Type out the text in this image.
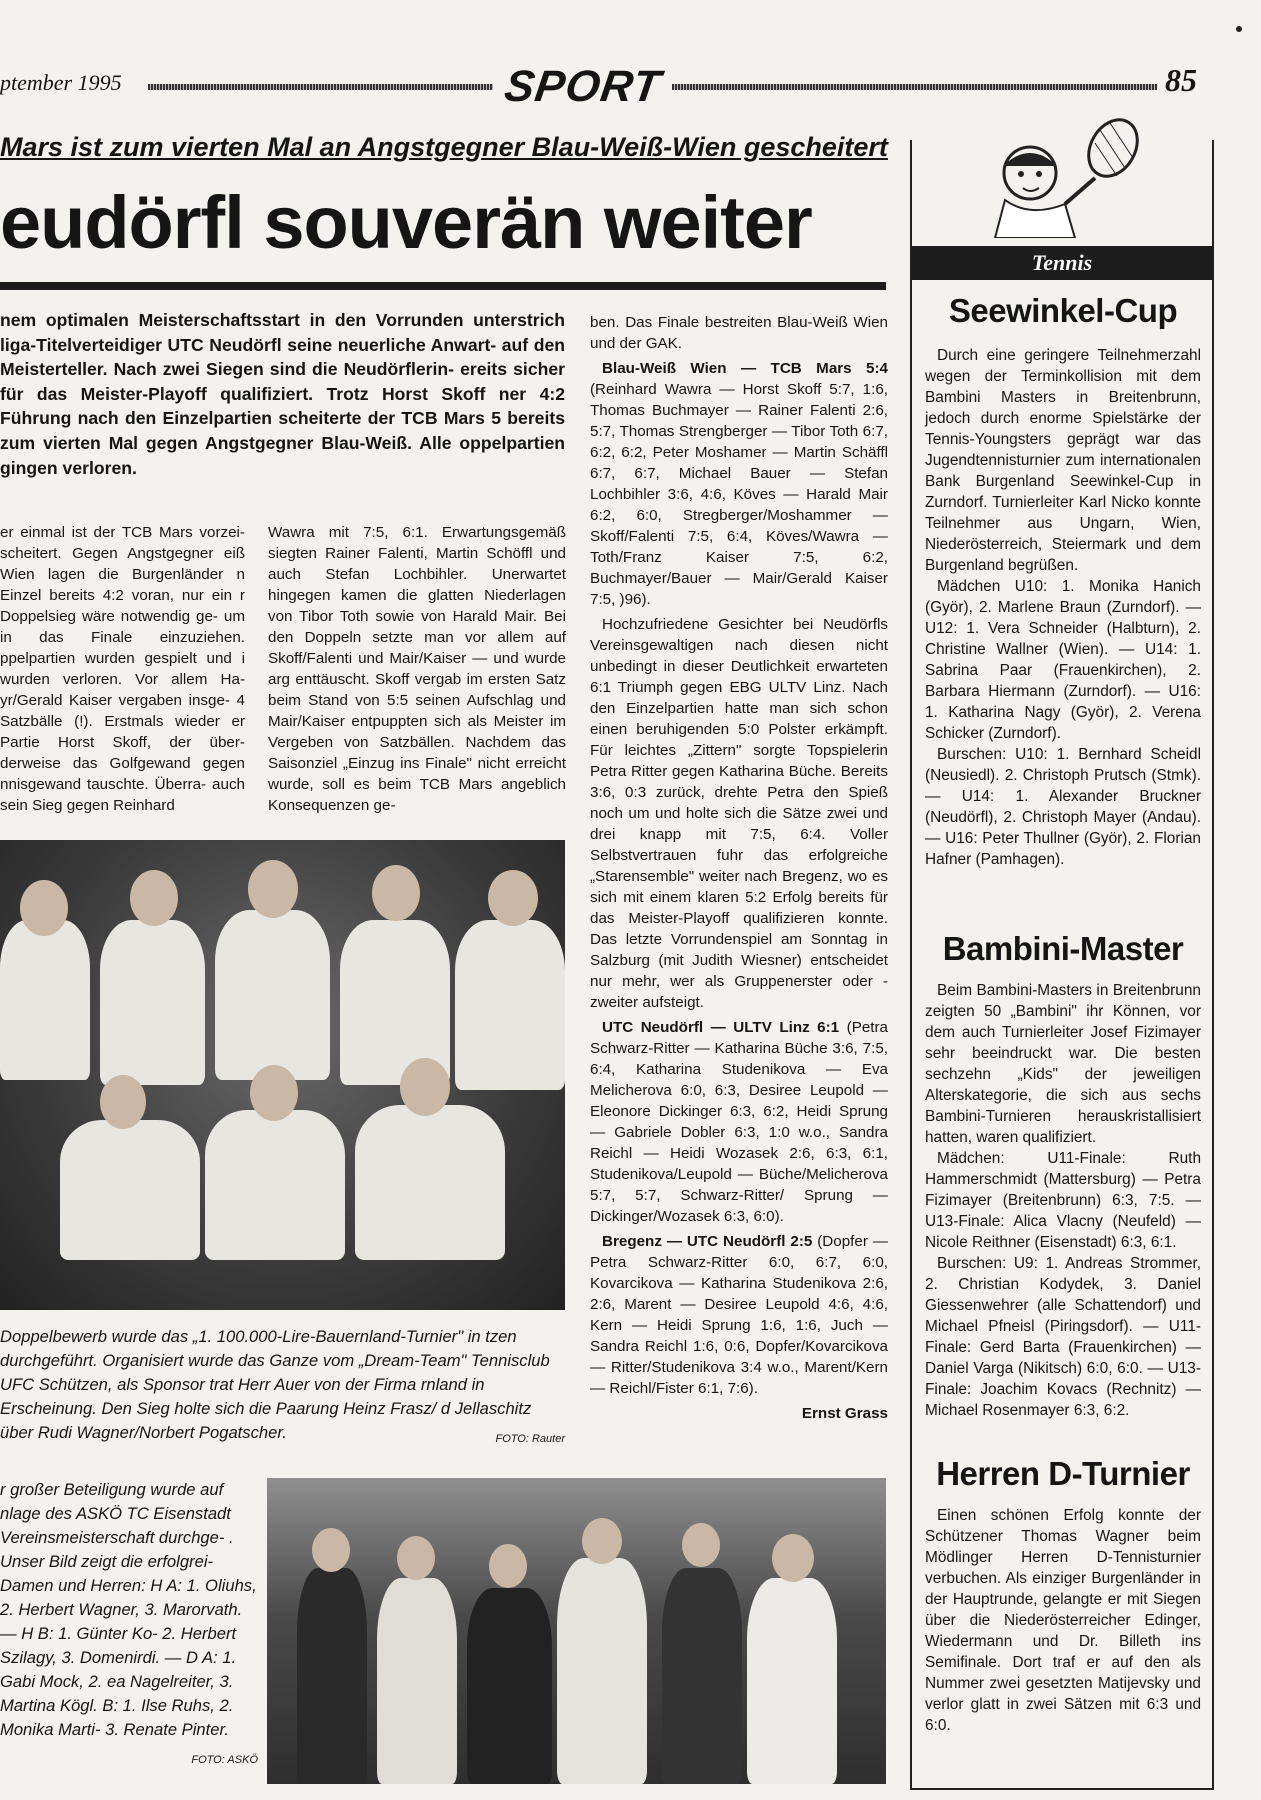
ptember 1995	SPORT	85
Mars ist zum vierten Mal an Angstgegner Blau-Weiß-Wien gescheitert
eudörfl souverän weiter
nem optimalen Meisterschaftsstart in den Vorrunden unterstrich liga-Titelverteidiger UTC Neudörfl seine neuerliche Anwart- auf den Meisterteller. Nach zwei Siegen sind die Neudörflerin- ereits sicher für das Meister-Playoff qualifiziert. Trotz Horst Skoff ner 4:2 Führung nach den Einzelpartien scheiterte der TCB Mars 5 bereits zum vierten Mal gegen Angstgegner Blau-Weiß. Alle oppelpartien gingen verloren.

er einmal ist der TCB Mars vorzei- scheitert. Gegen Angstgegner eiß Wien lagen die Burgenländer n Einzel bereits 4:2 voran, nur ein r Doppelsieg wäre notwendig ge- um in das Finale einzuziehen. ppelpartien wurden gespielt und i wurden verloren. Vor allem Ha- yr/Gerald Kaiser vergaben insge- 4 Satzbälle (!). Erstmals wieder er Partie Horst Skoff, der über- derweise das Golfgewand gegen nnisgewand tauschte. Überra- auch sein Sieg gegen Reinhard

Wawra mit 7:5, 6:1. Erwartungsgemäß siegten Rainer Falenti, Martin Schöffl und auch Stefan Lochbihler. Unerwartet hingegen kamen die glatten Niederlagen von Tibor Toth sowie von Harald Mair. Bei den Doppeln setzte man vor allem auf Skoff/Falenti und Mair/Kaiser — und wurde arg enttäuscht. Skoff vergab im ersten Satz beim Stand von 5:5 seinen Aufschlag und Mair/Kaiser entpuppten sich als Meister im Vergeben von Satzbällen. Nachdem das Saisonziel „Einzug ins Finale" nicht erreicht wurde, soll es beim TCB Mars angeblich Konsequenzen ge-

ben. Das Finale bestreiten Blau-Weiß Wien und der GAK.

Blau-Weiß Wien — TCB Mars 5:4 (Reinhard Wawra — Horst Skoff 5:7, 1:6, Thomas Buchmayer — Rainer Falenti 2:6, 5:7, Thomas Strengberger — Tibor Toth 6:7, 6:2, 6:2, Peter Moshamer — Martin Schäffl 6:7, 6:7, Michael Bauer — Stefan Lochbihler 3:6, 4:6, Köves — Harald Mair 6:2, 6:0, Stregberger/Moshammer — Skoff/Falenti 7:5, 6:4, Köves/Wawra — Toth/Franz Kaiser 7:5, 6:2, Buchmayer/Bauer — Mair/Gerald Kaiser 7:5, )96).

Hochzufriedene Gesichter bei Neudörfls Vereinsgewaltigen nach diesen nicht unbedingt in dieser Deutlichkeit erwarteten 6:1 Triumph gegen EBG ULTV Linz. Nach den Einzelpartien hatte man sich schon einen beruhigenden 5:0 Polster erkämpft. Für leichtes „Zittern" sorgte Topspielerin Petra Ritter gegen Katharina Büche. Bereits 3:6, 0:3 zurück, drehte Petra den Spieß noch um und holte sich die Sätze zwei und drei knapp mit 7:5, 6:4. Voller Selbstvertrauen fuhr das erfolgreiche „Starensemble" weiter nach Bregenz, wo es sich mit einem klaren 5:2 Erfolg bereits für das Meister-Playoff qualifizieren konnte. Das letzte Vorrundenspiel am Sonntag in Salzburg (mit Judith Wiesner) entscheidet nur mehr, wer als Gruppenerster oder - zweiter aufsteigt.

UTC Neudörfl — ULTV Linz 6:1 (Petra Schwarz-Ritter — Katharina Büche 3:6, 7:5, 6:4, Katharina Studenikova — Eva Melicherova 6:0, 6:3, Desiree Leupold — Eleonore Dickinger 6:3, 6:2, Heidi Sprung — Gabriele Dobler 6:3, 1:0 w.o., Sandra Reichl — Heidi Wozasek 2:6, 6:3, 6:1, Studenikova/Leupold — Büche/Melicherova 5:7, 5:7, Schwarz-Ritter/ Sprung — Dickinger/Wozasek 6:3, 6:0).

Bregenz — UTC Neudörfl 2:5 (Dopfer — Petra Schwarz-Ritter 6:0, 6:7, 6:0, Kovarcikova — Katharina Studenikova 2:6, 2:6, Marent — Desiree Leupold 4:6, 4:6, Kern — Heidi Sprung 1:6, 1:6, Juch — Sandra Reichl 1:6, 0:6, Dopfer/Kovarcikova — Ritter/Studenikova 3:4 w.o., Marent/Kern — Reichl/Fister 6:1, 7:6).

Ernst Grass
Doppelbewerb wurde das „1. 100.000-Lire-Bauernland-Turnier" in tzen durchgeführt. Organisiert wurde das Ganze vom „Dream-Team" Tennisclub UFC Schützen, als Sponsor trat Herr Auer von der Firma rnland in Erscheinung. Den Sieg holte sich die Paarung Heinz Frasz/ d Jellaschitz über Rudi Wagner/Norbert Pogatscher.	FOTO: Rauter
r großer Beteiligung wurde auf nlage des ASKÖ TC Eisenstadt Vereinsmeisterschaft durchge- . Unser Bild zeigt die erfolgrei- Damen und Herren: H A: 1. Oliuhs, 2. Herbert Wagner, 3. Marorvath. — H B: 1. Günter Ko- 2. Herbert Szilagy, 3. Domenirdi. — D A: 1. Gabi Mock, 2. ea Nagelreiter, 3. Martina Kögl. B: 1. Ilse Ruhs, 2. Monika Marti- 3. Renate Pinter.
FOTO: ASKÖ
Tennis
Seewinkel-Cup
Durch eine geringere Teilnehmerzahl wegen der Terminkollision mit dem Bambini Masters in Breitenbrunn, jedoch durch enorme Spielstärke der Tennis-Youngsters geprägt war das Jugendtennisturnier zum internationalen Bank Burgenland Seewinkel-Cup in Zurndorf. Turnierleiter Karl Nicko konnte Teilnehmer aus Ungarn, Wien, Niederösterreich, Steiermark und dem Burgenland begrüßen.
Mädchen U10: 1. Monika Hanich (Györ), 2. Marlene Braun (Zurndorf). — U12: 1. Vera Schneider (Halbturn), 2. Christine Wallner (Wien). — U14: 1. Sabrina Paar (Frauenkirchen), 2. Barbara Hiermann (Zurndorf). — U16: 1. Katharina Nagy (Györ), 2. Verena Schicker (Zurndorf).
Burschen: U10: 1. Bernhard Scheidl (Neusiedl). 2. Christoph Prutsch (Stmk). — U14: 1. Alexander Bruckner (Neudörfl), 2. Christoph Mayer (Andau). — U16: Peter Thullner (Györ), 2. Florian Hafner (Pamhagen).
Bambini-Master
Beim Bambini-Masters in Breitenbrunn zeigten 50 „Bambini" ihr Können, vor dem auch Turnierleiter Josef Fizimayer sehr beeindruckt war. Die besten sechzehn „Kids" der jeweiligen Alterskategorie, die sich aus sechs Bambini-Turnieren herauskristallisiert hatten, waren qualifiziert.
Mädchen: U11-Finale: Ruth Hammerschmidt (Mattersburg) — Petra Fizimayer (Breitenbrunn) 6:3, 7:5. — U13-Finale: Alica Vlacny (Neufeld) — Nicole Reithner (Eisenstadt) 6:3, 6:1.
Burschen: U9: 1. Andreas Strommer, 2. Christian Kodydek, 3. Daniel Giessenwehrer (alle Schattendorf) und Michael Pfneisl (Piringsdorf). — U11-Finale: Gerd Barta (Frauenkirchen) — Daniel Varga (Nikitsch) 6:0, 6:0. — U13-Finale: Joachim Kovacs (Rechnitz) — Michael Rosenmayer 6:3, 6:2.
Herren D-Turnier
Einen schönen Erfolg konnte der Schützener Thomas Wagner beim Mödlinger Herren D-Tennisturnier verbuchen. Als einziger Burgenländer in der Hauptrunde, gelangte er mit Siegen über die Niederösterreicher Edinger, Wiedermann und Dr. Billeth ins Semifinale. Dort traf er auf den als Nummer zwei gesetzten Matijevsky und verlor glatt in zwei Sätzen mit 6:3 und 6:0.
